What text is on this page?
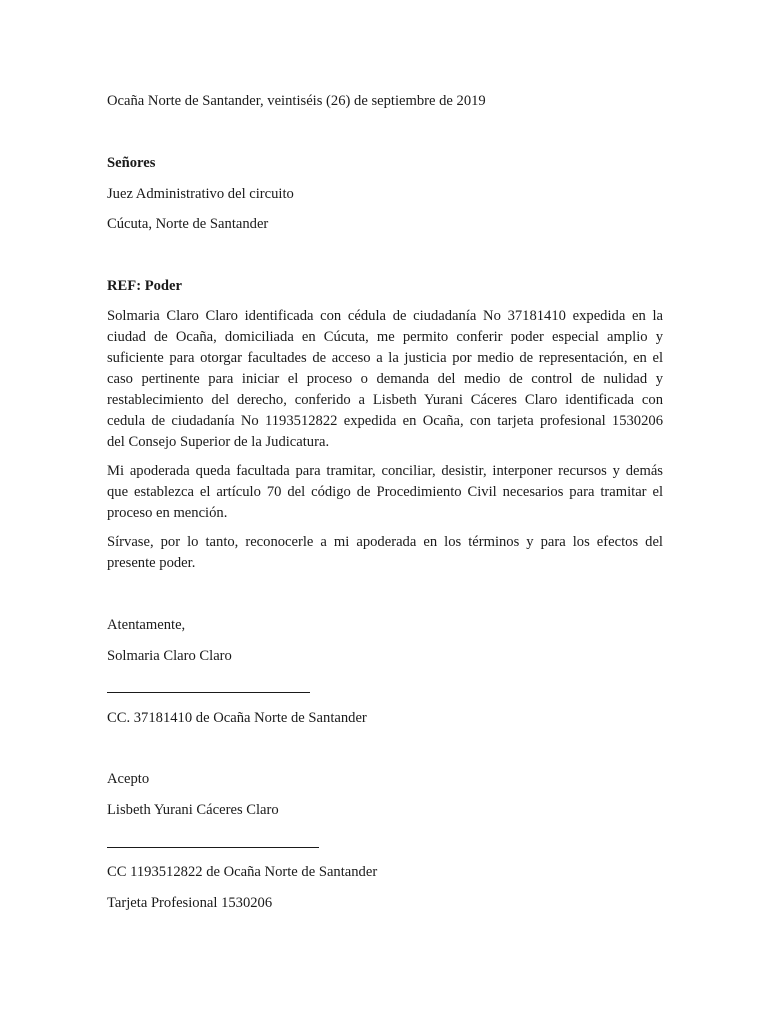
Ocaña Norte de Santander, veintiséis (26) de septiembre de 2019
Señores
Juez Administrativo del circuito
Cúcuta, Norte de Santander
REF: Poder
Solmaria Claro Claro identificada con cédula de ciudadanía No 37181410 expedida en la
ciudad de Ocaña, domiciliada en Cúcuta, me permito conferir poder especial amplio y
suficiente para otorgar facultades de acceso a la justicia por medio de representación, en el
caso pertinente para iniciar el proceso o demanda del medio de control de nulidad y
restablecimiento del derecho, conferido a Lisbeth Yurani Cáceres Claro identificada con
cedula de ciudadanía No 1193512822 expedida en Ocaña, con tarjeta profesional 1530206
del Consejo Superior de la Judicatura.
Mi apoderada queda facultada para tramitar, conciliar, desistir, interponer recursos y demás
que establezca el artículo 70 del código de Procedimiento Civil necesarios para tramitar el
proceso en mención.
Sírvase, por lo tanto, reconocerle a mi apoderada en los términos y para los efectos del
presente poder.
Atentamente,
Solmaria Claro Claro
CC. 37181410 de Ocaña Norte de Santander
Acepto
Lisbeth Yurani Cáceres Claro
CC 1193512822 de Ocaña Norte de Santander
Tarjeta Profesional 1530206
